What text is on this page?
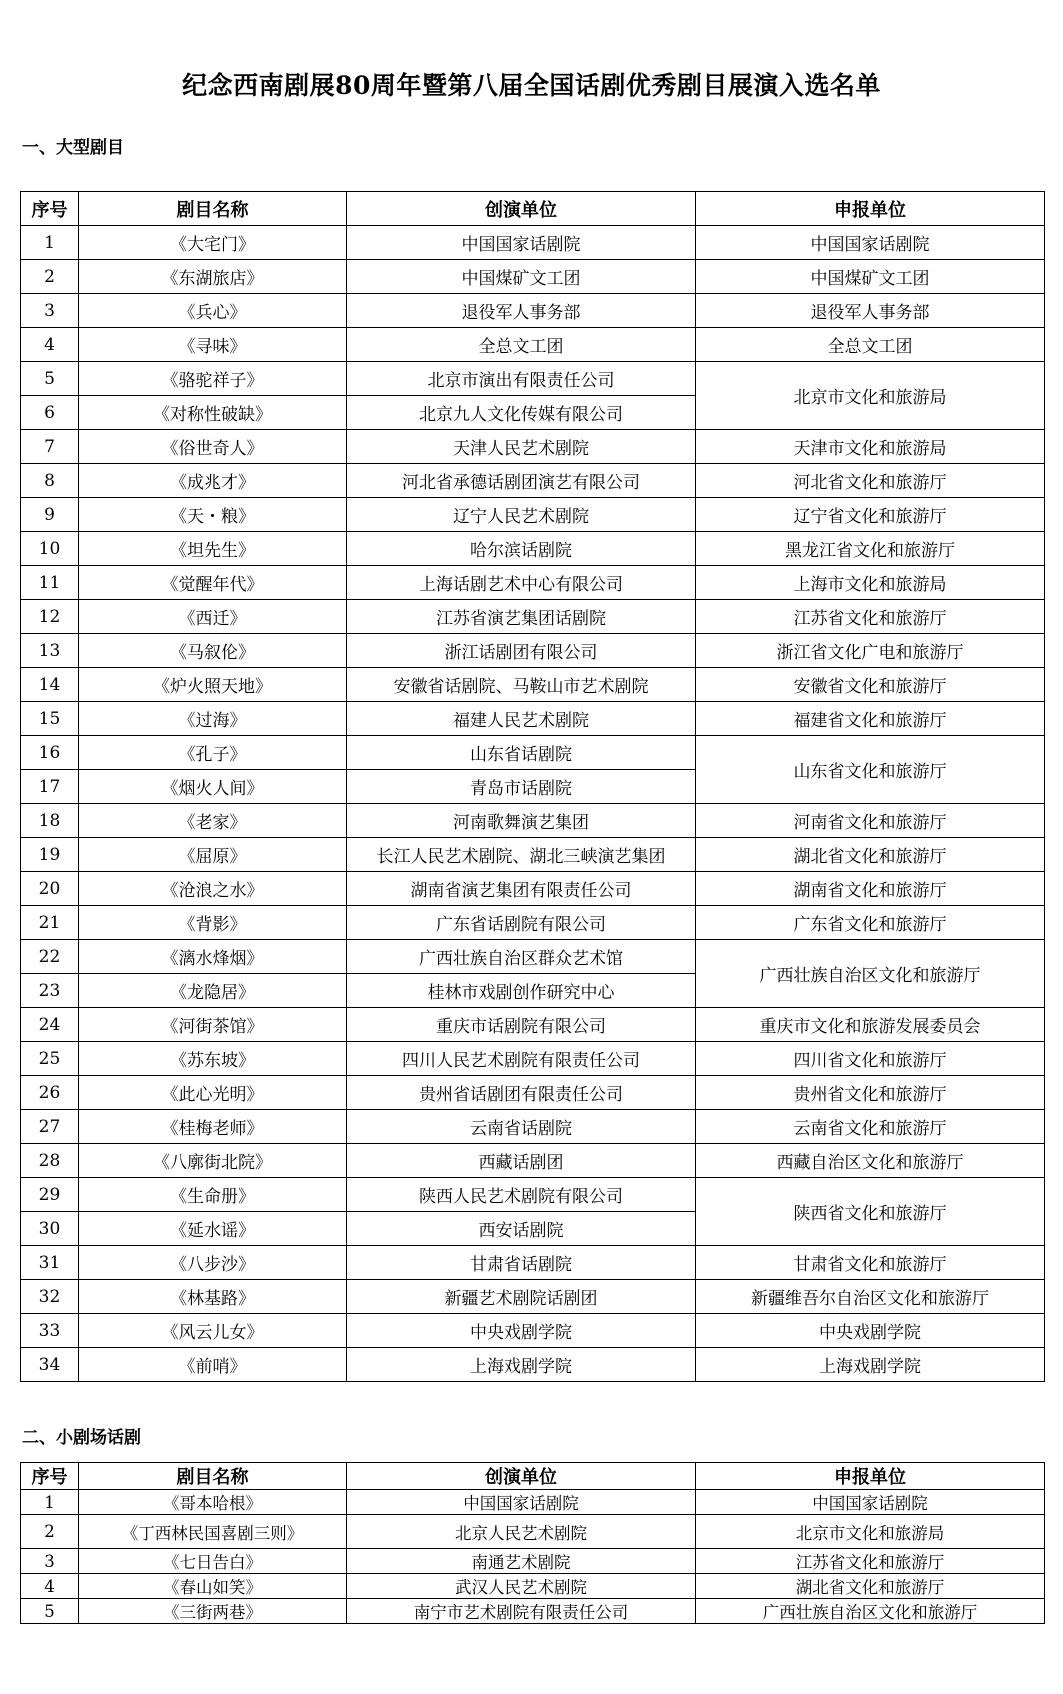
纪念西南剧展80周年暨第八届全国话剧优秀剧目展演入选名单
一、大型剧目
序号	剧目名称	创演单位	申报单位
1	《大宅门》	中国国家话剧院	中国国家话剧院
2	《东湖旅店》	中国煤矿文工团	中国煤矿文工团
3	《兵心》	退役军人事务部	退役军人事务部
4	《寻味》	全总文工团	全总文工团
5	《骆驼祥子》	北京市演出有限责任公司	北京市文化和旅游局
6	《对称性破缺》	北京九人文化传媒有限公司	
7	《俗世奇人》	天津人民艺术剧院	天津市文化和旅游局
8	《成兆才》	河北省承德话剧团演艺有限公司	河北省文化和旅游厅
9	《天・粮》	辽宁人民艺术剧院	辽宁省文化和旅游厅
10	《坦先生》	哈尔滨话剧院	黑龙江省文化和旅游厅
11	《觉醒年代》	上海话剧艺术中心有限公司	上海市文化和旅游局
12	《西迁》	江苏省演艺集团话剧院	江苏省文化和旅游厅
13	《马叙伦》	浙江话剧团有限公司	浙江省文化广电和旅游厅
14	《炉火照天地》	安徽省话剧院、马鞍山市艺术剧院	安徽省文化和旅游厅
15	《过海》	福建人民艺术剧院	福建省文化和旅游厅
16	《孔子》	山东省话剧院	山东省文化和旅游厅
17	《烟火人间》	青岛市话剧院	
18	《老家》	河南歌舞演艺集团	河南省文化和旅游厅
19	《屈原》	长江人民艺术剧院、湖北三峡演艺集团	湖北省文化和旅游厅
20	《沧浪之水》	湖南省演艺集团有限责任公司	湖南省文化和旅游厅
21	《背影》	广东省话剧院有限公司	广东省文化和旅游厅
22	《漓水烽烟》	广西壮族自治区群众艺术馆	广西壮族自治区文化和旅游厅
23	《龙隐居》	桂林市戏剧创作研究中心	
24	《河街茶馆》	重庆市话剧院有限公司	重庆市文化和旅游发展委员会
25	《苏东坡》	四川人民艺术剧院有限责任公司	四川省文化和旅游厅
26	《此心光明》	贵州省话剧团有限责任公司	贵州省文化和旅游厅
27	《桂梅老师》	云南省话剧院	云南省文化和旅游厅
28	《八廓街北院》	西藏话剧团	西藏自治区文化和旅游厅
29	《生命册》	陕西人民艺术剧院有限公司	陕西省文化和旅游厅
30	《延水谣》	西安话剧院	
31	《八步沙》	甘肃省话剧院	甘肃省文化和旅游厅
32	《林基路》	新疆艺术剧院话剧团	新疆维吾尔自治区文化和旅游厅
33	《风云儿女》	中央戏剧学院	中央戏剧学院
34	《前哨》	上海戏剧学院	上海戏剧学院
二、小剧场话剧
序号	剧目名称	创演单位	申报单位
1	《哥本哈根》	中国国家话剧院	中国国家话剧院
2	《丁西林民国喜剧三则》	北京人民艺术剧院	北京市文化和旅游局
3	《七日告白》	南通艺术剧院	江苏省文化和旅游厅
4	《春山如笑》	武汉人民艺术剧院	湖北省文化和旅游厅
5	《三街两巷》	南宁市艺术剧院有限责任公司	广西壮族自治区文化和旅游厅
